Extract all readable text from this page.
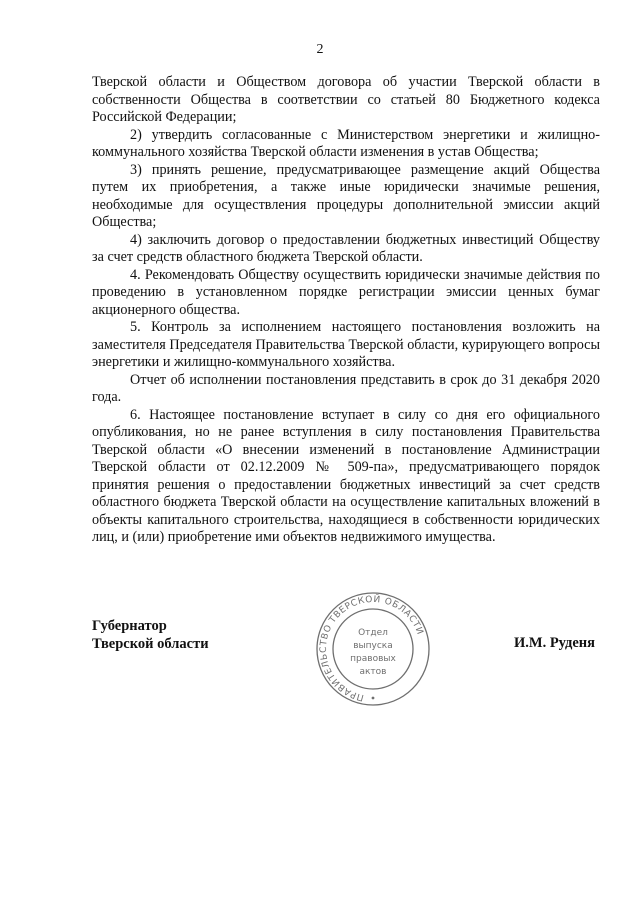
2

Тверской области и Обществом договора об участии Тверской области в собственности Общества в соответствии со статьей 80 Бюджетного кодекса Российской Федерации;

2) утвердить согласованные с Министерством энергетики и жилищно-коммунального хозяйства Тверской области изменения в устав Общества;

3) принять решение, предусматривающее размещение акций Общества путем их приобретения, а также иные юридически значимые решения, необходимые для осуществления процедуры дополнительной эмиссии акций Общества;

4) заключить договор о предоставлении бюджетных инвестиций Обществу за счет средств областного бюджета Тверской области.

4. Рекомендовать Обществу осуществить юридически значимые действия по проведению в установленном порядке регистрации эмиссии ценных бумаг акционерного общества.

5. Контроль за исполнением настоящего постановления возложить на заместителя Председателя Правительства Тверской области, курирующего вопросы энергетики и жилищно-коммунального хозяйства.

Отчет об исполнении постановления представить в срок до 31 декабря 2020 года.

6. Настоящее постановление вступает в силу со дня его официального опубликования, но не ранее вступления в силу постановления Правительства Тверской области «О внесении изменений в постановление Администрации Тверской области от 02.12.2009 № 509-па», предусматривающего порядок принятия решения о предоставлении бюджетных инвестиций за счет средств областного бюджета Тверской области на осуществление капитальных вложений в объекты капитального строительства, находящиеся в собственности юридических лиц, и (или) приобретение ими объектов недвижимого имущества.

Губернатор
Тверской области
ПРАВИТЕЛЬСТВО ТВЕРСКОЙ ОБЛАСТИ
Отдел
выпуска
правовых
актов
И.М. Руденя
